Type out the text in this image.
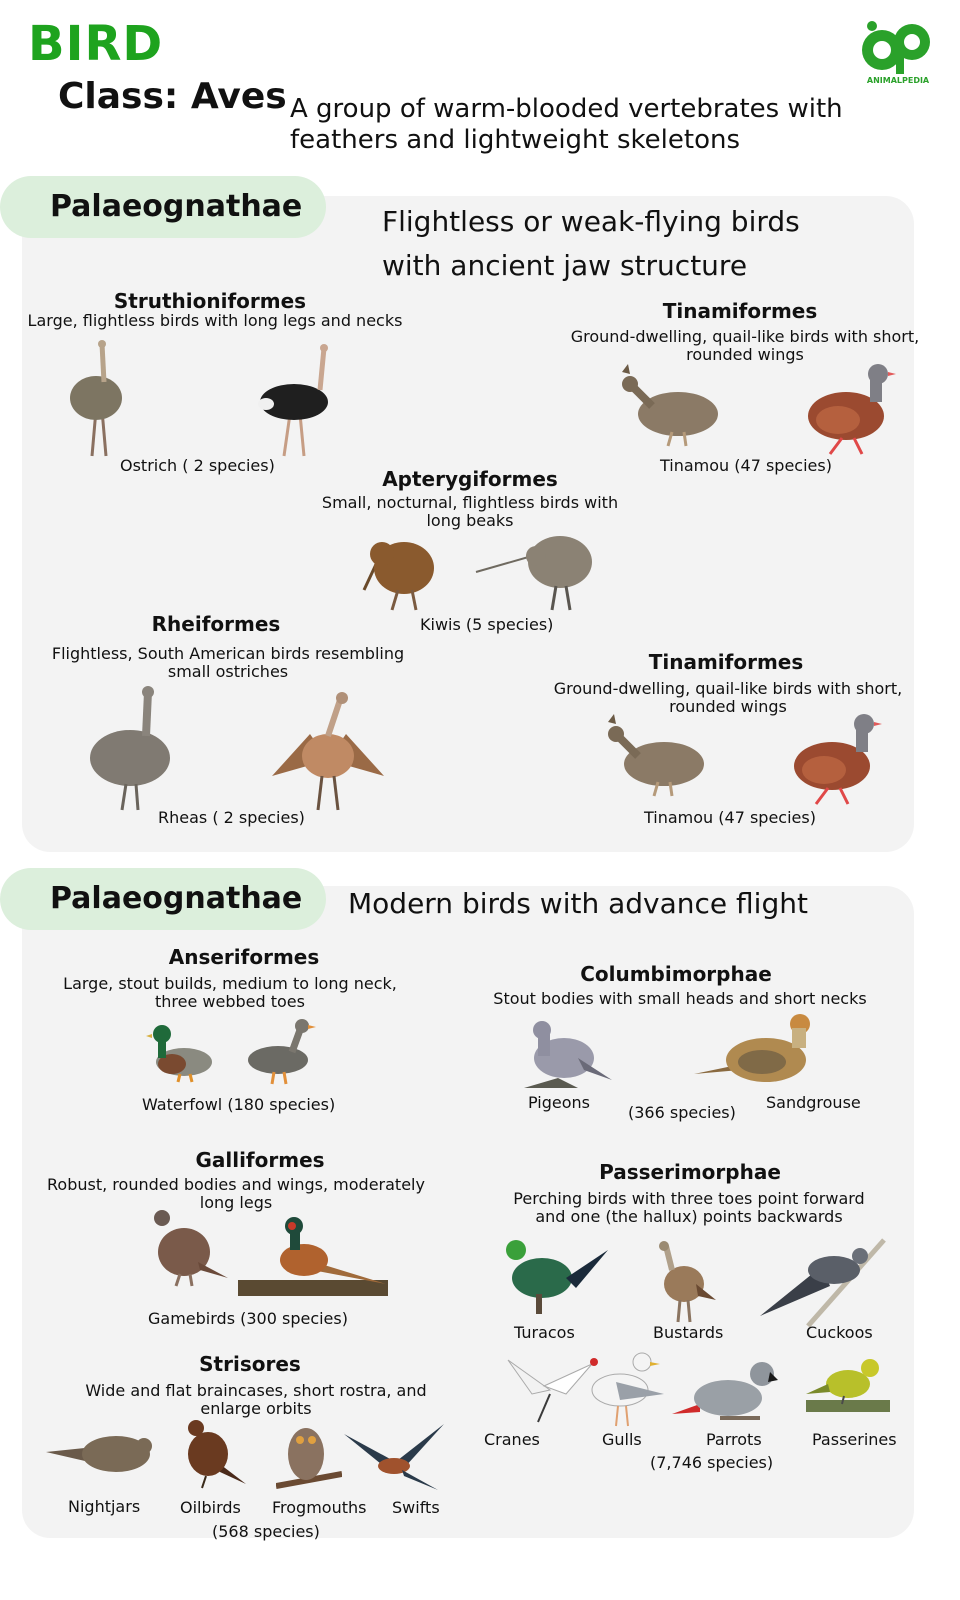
BIRD
Class: Aves A group of warm-blooded vertebrates with feathers and lightweight skeletons
ANIMALPEDIA
Palaeognathae	Flightless or weak-flying birds
with ancient jaw structure
Struthioniformes
Large, flightless birds with long legs and necks
Ostrich ( 2 species)
Tinamiformes
Ground-dwelling, quail-like birds with short, rounded wings
Tinamou (47 species)
Apterygiformes
Small, nocturnal, flightless birds with long beaks
Kiwis (5 species)
Rheiformes
Flightless, South American birds resembling small ostriches
Rheas ( 2 species)
Tinamiformes
Ground-dwelling, quail-like birds with short, rounded wings
Tinamou (47 species)
Palaeognathae	Modern birds with advance flight
Anseriformes
Large, stout builds, medium to long neck, three webbed toes
Waterfowl (180 species)
Columbimorphae
Stout bodies with small heads and short necks
Pigeons
(366 species)
Sandgrouse
Galliformes
Robust, rounded bodies and wings, moderately long legs
Gamebirds (300 species)
Passerimorphae
Perching birds with three toes point forward and one (the hallux) points backwards
Turacos	Bustards	Cuckoos
Cranes	Gulls	Parrots	Passerines
(7,746 species)
Strisores
Wide and flat braincases, short rostra, and enlarge orbits
Nightjars Oilbirds Frogmouths Swifts
(568 species)
